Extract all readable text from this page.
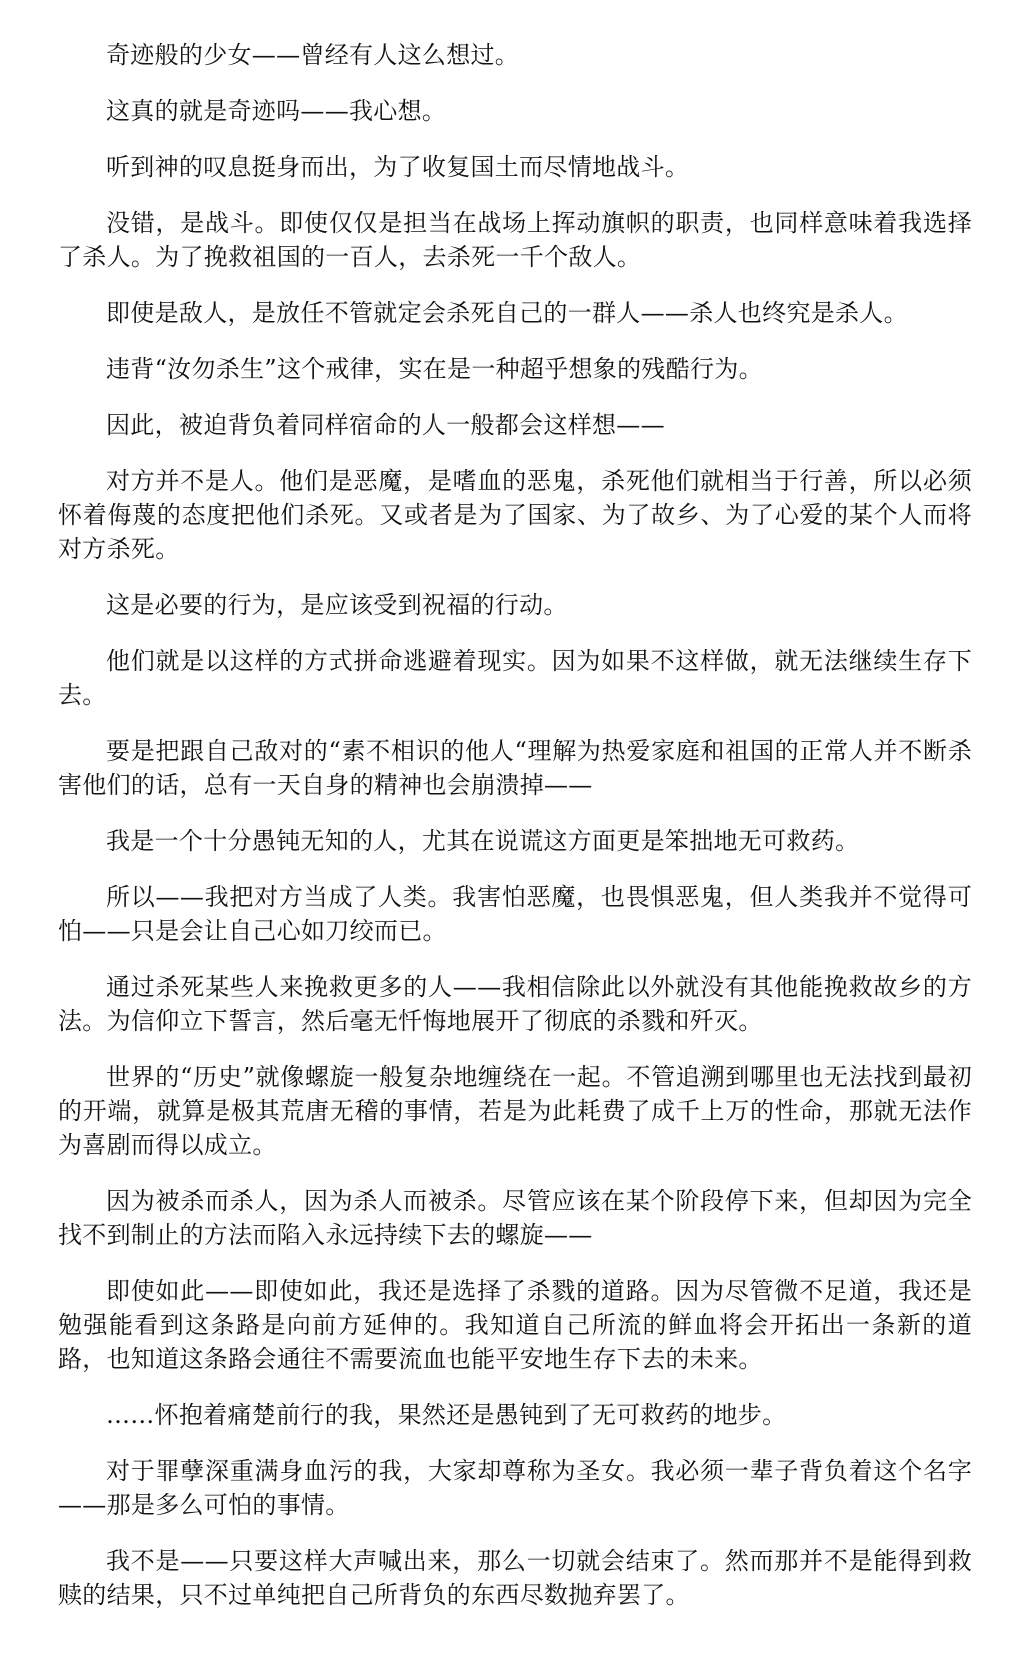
奇迹般的少女——曾经有人这么想过。

这真的就是奇迹吗——我心想。

听到神的叹息挺身而出，为了收复国土而尽情地战斗。

没错，是战斗。即使仅仅是担当在战场上挥动旗帜的职责，也同样意味着我选择了杀人。为了挽救祖国的一百人，去杀死一千个敌人。

即使是敌人，是放任不管就定会杀死自己的一群人——杀人也终究是杀人。

违背“汝勿杀生”这个戒律，实在是一种超乎想象的残酷行为。

因此，被迫背负着同样宿命的人一般都会这样想——

对方并不是人。他们是恶魔，是嗜血的恶鬼，杀死他们就相当于行善，所以必须怀着侮蔑的态度把他们杀死。又或者是为了国家、为了故乡、为了心爱的某个人而将对方杀死。

这是必要的行为，是应该受到祝福的行动。

他们就是以这样的方式拼命逃避着现实。因为如果不这样做，就无法继续生存下去。

要是把跟自己敌对的“素不相识的他人“理解为热爱家庭和祖国的正常人并不断杀害他们的话，总有一天自身的精神也会崩溃掉——

我是一个十分愚钝无知的人，尤其在说谎这方面更是笨拙地无可救药。

所以——我把对方当成了人类。我害怕恶魔，也畏惧恶鬼，但人类我并不觉得可怕——只是会让自己心如刀绞而已。

通过杀死某些人来挽救更多的人——我相信除此以外就没有其他能挽救故乡的方法。为信仰立下誓言，然后毫无忏悔地展开了彻底的杀戮和歼灭。

世界的“历史”就像螺旋一般复杂地缠绕在一起。不管追溯到哪里也无法找到最初的开端，就算是极其荒唐无稽的事情，若是为此耗费了成千上万的性命，那就无法作为喜剧而得以成立。

因为被杀而杀人，因为杀人而被杀。尽管应该在某个阶段停下来，但却因为完全找不到制止的方法而陷入永远持续下去的螺旋——

即使如此——即使如此，我还是选择了杀戮的道路。因为尽管微不足道，我还是勉强能看到这条路是向前方延伸的。我知道自己所流的鲜血将会开拓出一条新的道路，也知道这条路会通往不需要流血也能平安地生存下去的未来。

……怀抱着痛楚前行的我，果然还是愚钝到了无可救药的地步。

对于罪孽深重满身血污的我，大家却尊称为圣女。我必须一辈子背负着这个名字——那是多么可怕的事情。

我不是——只要这样大声喊出来，那么一切就会结束了。然而那并不是能得到救赎的结果，只不过单纯把自己所背负的东西尽数抛弃罢了。
